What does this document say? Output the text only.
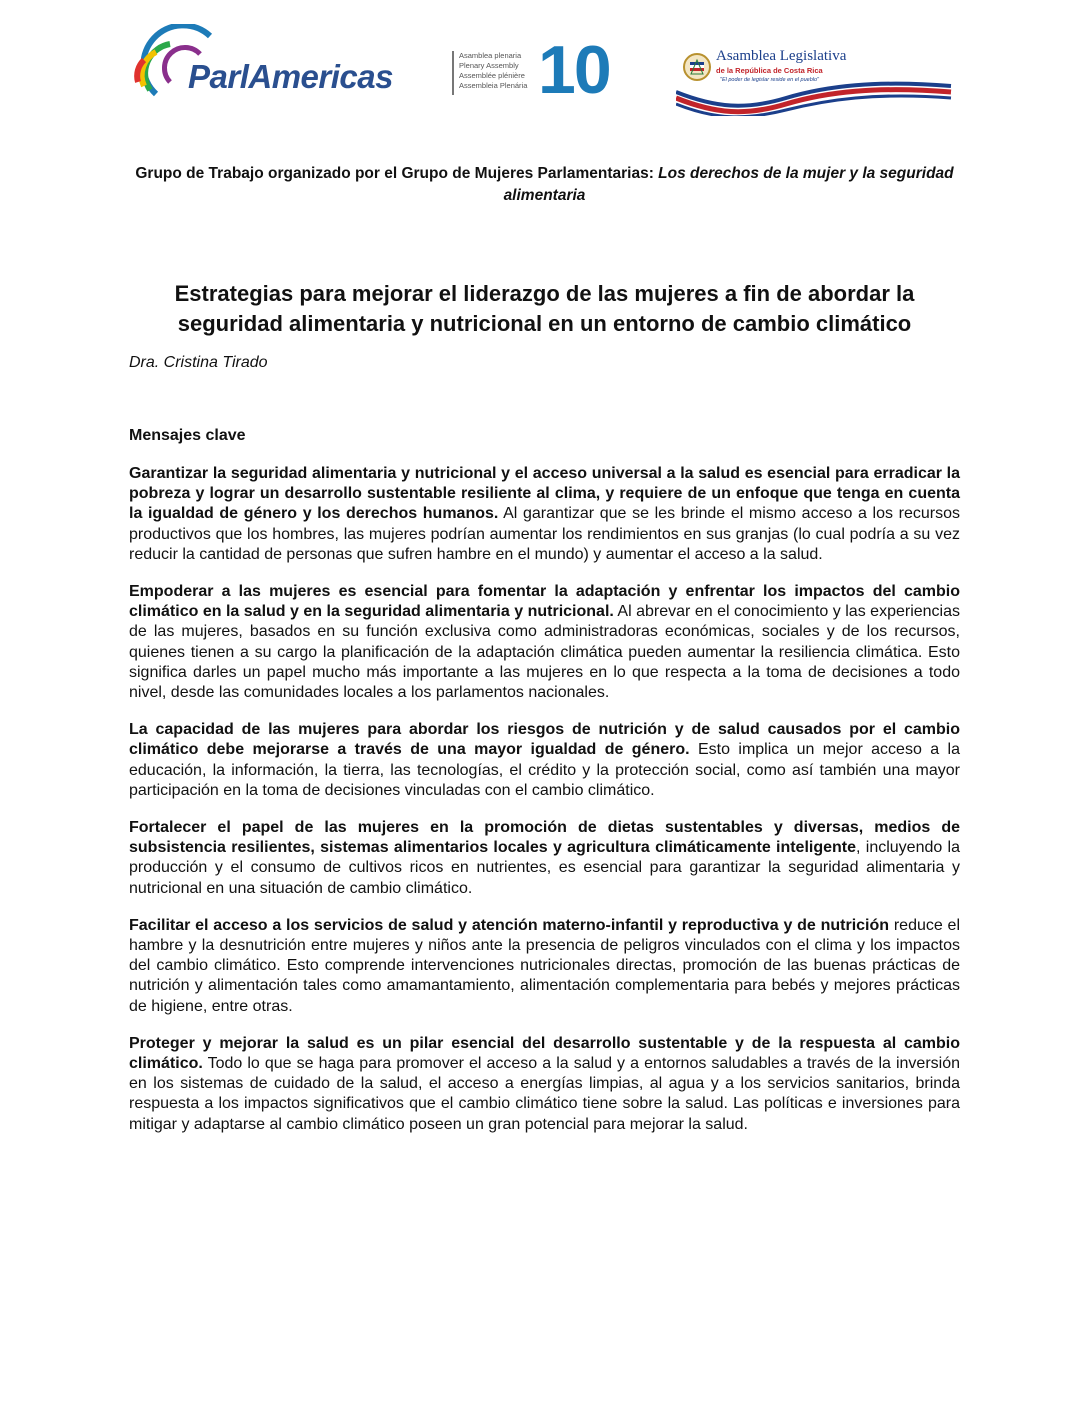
ParlAmericas
Asamblea plenaria
Plenary Assembly
Assemblée plénière
Assembleia Plenária 10	Asamblea Legislativa
de la República de Costa Rica
"El poder de legislar reside en el pueblo"

Grupo de Trabajo organizado por el Grupo de Mujeres Parlamentarias: Los derechos de la mujer y la seguridad alimentaria

Estrategias para mejorar el liderazgo de las mujeres a fin de abordar la seguridad alimentaria y nutricional en un entorno de cambio climático

Dra. Cristina Tirado

Mensajes clave

Garantizar la seguridad alimentaria y nutricional y el acceso universal a la salud es esencial para erradicar la pobreza y lograr un desarrollo sustentable resiliente al clima, y requiere de un enfoque que tenga en cuenta la igualdad de género y los derechos humanos. Al garantizar que se les brinde el mismo acceso a los recursos productivos que los hombres, las mujeres podrían aumentar los rendimientos en sus granjas (lo cual podría a su vez reducir la cantidad de personas que sufren hambre en el mundo) y aumentar el acceso a la salud.

Empoderar a las mujeres es esencial para fomentar la adaptación y enfrentar los impactos del cambio climático en la salud y en la seguridad alimentaria y nutricional. Al abrevar en el conocimiento y las experiencias de las mujeres, basados en su función exclusiva como administradoras económicas, sociales y de los recursos, quienes tienen a su cargo la planificación de la adaptación climática pueden aumentar la resiliencia climática. Esto significa darles un papel mucho más importante a las mujeres en lo que respecta a la toma de decisiones a todo nivel, desde las comunidades locales a los parlamentos nacionales.

La capacidad de las mujeres para abordar los riesgos de nutrición y de salud causados por el cambio climático debe mejorarse a través de una mayor igualdad de género. Esto implica un mejor acceso a la educación, la información, la tierra, las tecnologías, el crédito y la protección social, como así también una mayor participación en la toma de decisiones vinculadas con el cambio climático.

Fortalecer el papel de las mujeres en la promoción de dietas sustentables y diversas, medios de subsistencia resilientes, sistemas alimentarios locales y agricultura climáticamente inteligente, incluyendo la producción y el consumo de cultivos ricos en nutrientes, es esencial para garantizar la seguridad alimentaria y nutricional en una situación de cambio climático.

Facilitar el acceso a los servicios de salud y atención materno-infantil y reproductiva y de nutrición reduce el hambre y la desnutrición entre mujeres y niños ante la presencia de peligros vinculados con el clima y los impactos del cambio climático. Esto comprende intervenciones nutricionales directas, promoción de las buenas prácticas de nutrición y alimentación tales como amamantamiento, alimentación complementaria para bebés y mejores prácticas de higiene, entre otras.

Proteger y mejorar la salud es un pilar esencial del desarrollo sustentable y de la respuesta al cambio climático. Todo lo que se haga para promover el acceso a la salud y a entornos saludables a través de la inversión en los sistemas de cuidado de la salud, el acceso a energías limpias, al agua y a los servicios sanitarios, brinda respuesta a los impactos significativos que el cambio climático tiene sobre la salud. Las políticas e inversiones para mitigar y adaptarse al cambio climático poseen un gran potencial para mejorar la salud.
